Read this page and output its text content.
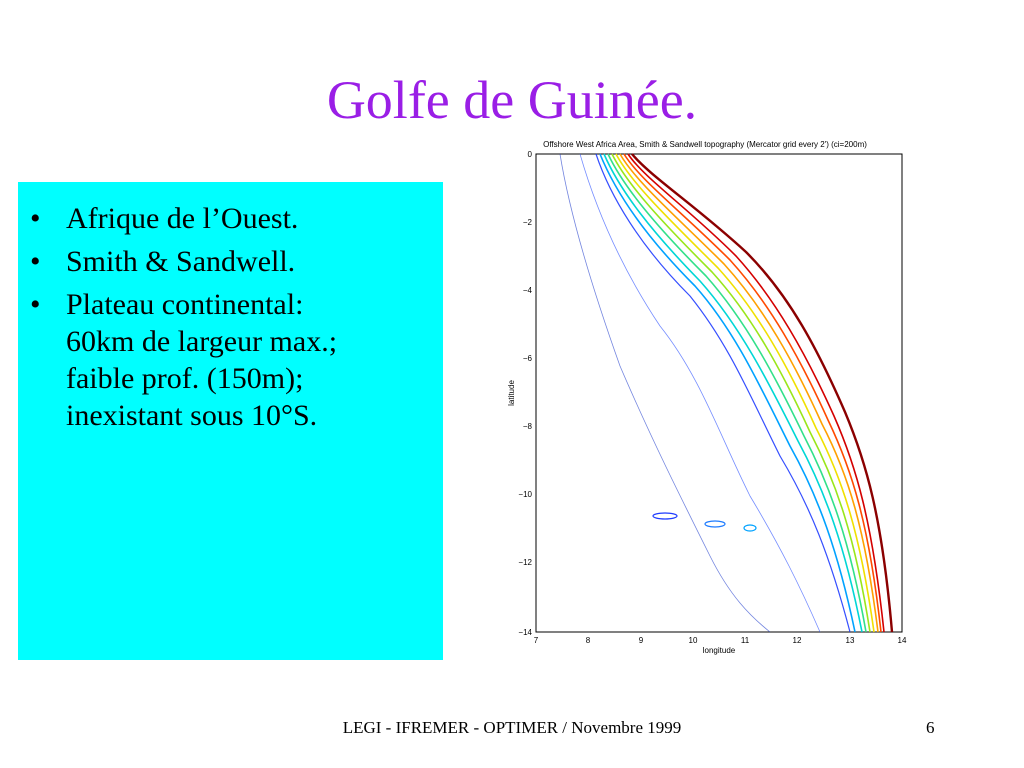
Golfe de Guinée.
• Afrique de l’Ouest.
• Smith & Sandwell.
• Plateau continental:
60km de largeur max.;
faible prof. (150m);
inexistant sous 10°S.
Offshore West Africa Area, Smith & Sandwell topography (Mercator grid every 2') (ci=200m)
7	8	9	10	11	12	13	14
longitude
0
−2
−4
−6
−8
−10
−12
−14
latitude
LEGI - IFREMER - OPTIMER / Novembre 1999	6
